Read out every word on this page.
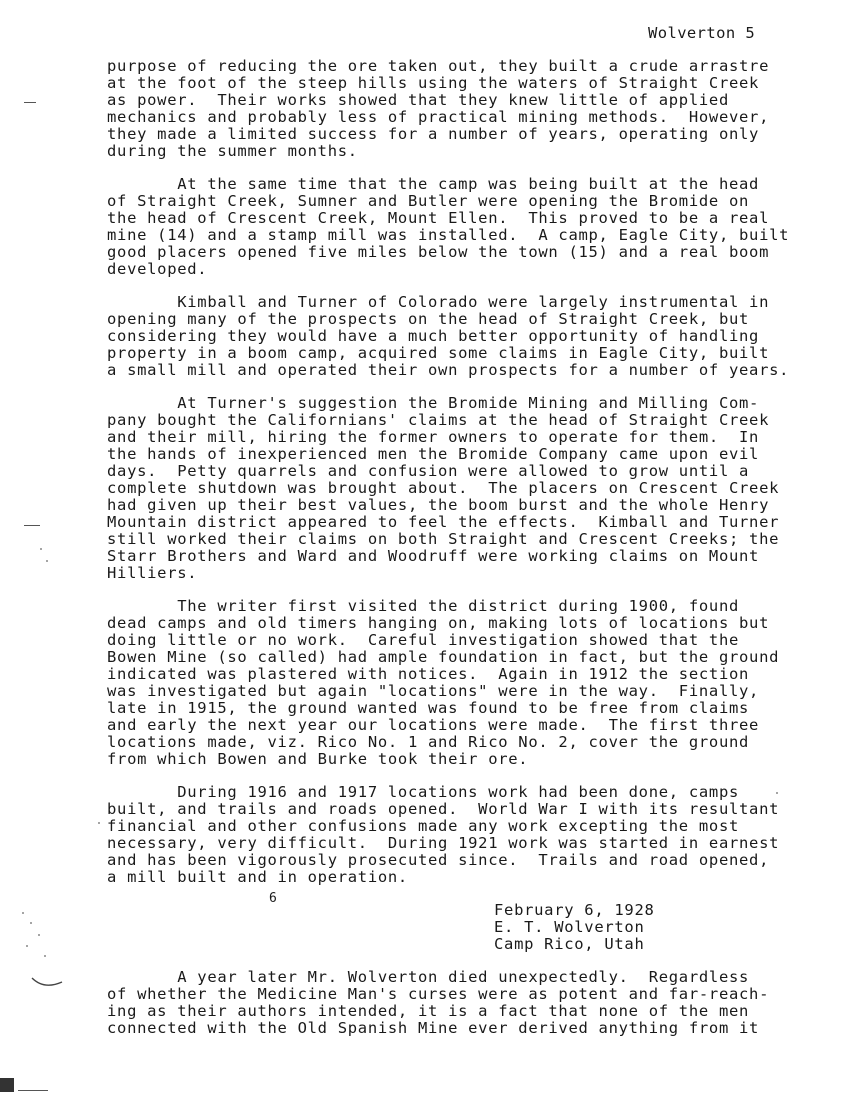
Wolverton 5
purpose of reducing the ore taken out, they built a crude arrastre
at the foot of the steep hills using the waters of Straight Creek
as power.  Their works showed that they knew little of applied
mechanics and probably less of practical mining methods.  However,
they made a limited success for a number of years, operating only
during the summer months.
At the same time that the camp was being built at the head
of Straight Creek, Sumner and Butler were opening the Bromide on
the head of Crescent Creek, Mount Ellen.  This proved to be a real
mine (14) and a stamp mill was installed.  A camp, Eagle City, built
good placers opened five miles below the town (15) and a real boom
developed.
Kimball and Turner of Colorado were largely instrumental in
opening many of the prospects on the head of Straight Creek, but
considering they would have a much better opportunity of handling
property in a boom camp, acquired some claims in Eagle City, built
a small mill and operated their own prospects for a number of years.
At Turner's suggestion the Bromide Mining and Milling Com-
pany bought the Californians' claims at the head of Straight Creek
and their mill, hiring the former owners to operate for them.  In
the hands of inexperienced men the Bromide Company came upon evil
days.  Petty quarrels and confusion were allowed to grow until a
complete shutdown was brought about.  The placers on Crescent Creek
had given up their best values, the boom burst and the whole Henry
Mountain district appeared to feel the effects.  Kimball and Turner
still worked their claims on both Straight and Crescent Creeks; the
Starr Brothers and Ward and Woodruff were working claims on Mount
Hilliers.
The writer first visited the district during 1900, found
dead camps and old timers hanging on, making lots of locations but
doing little or no work.  Careful investigation showed that the
Bowen Mine (so called) had ample foundation in fact, but the ground
indicated was plastered with notices.  Again in 1912 the section
was investigated but again "locations" were in the way.  Finally,
late in 1915, the ground wanted was found to be free from claims
and early the next year our locations were made.  The first three
locations made, viz. Rico No. 1 and Rico No. 2, cover the ground
from which Bowen and Burke took their ore.
During 1916 and 1917 locations work had been done, camps
built, and trails and roads opened.  World War I with its resultant
financial and other confusions made any work excepting the most
necessary, very difficult.  During 1921 work was started in earnest
and has been vigorously prosecuted since.  Trails and road opened,
a mill built and in operation.
6
February 6, 1928
E. T. Wolverton
Camp Rico, Utah
A year later Mr. Wolverton died unexpectedly.  Regardless
of whether the Medicine Man's curses were as potent and far-reach-
ing as their authors intended, it is a fact that none of the men
connected with the Old Spanish Mine ever derived anything from it
